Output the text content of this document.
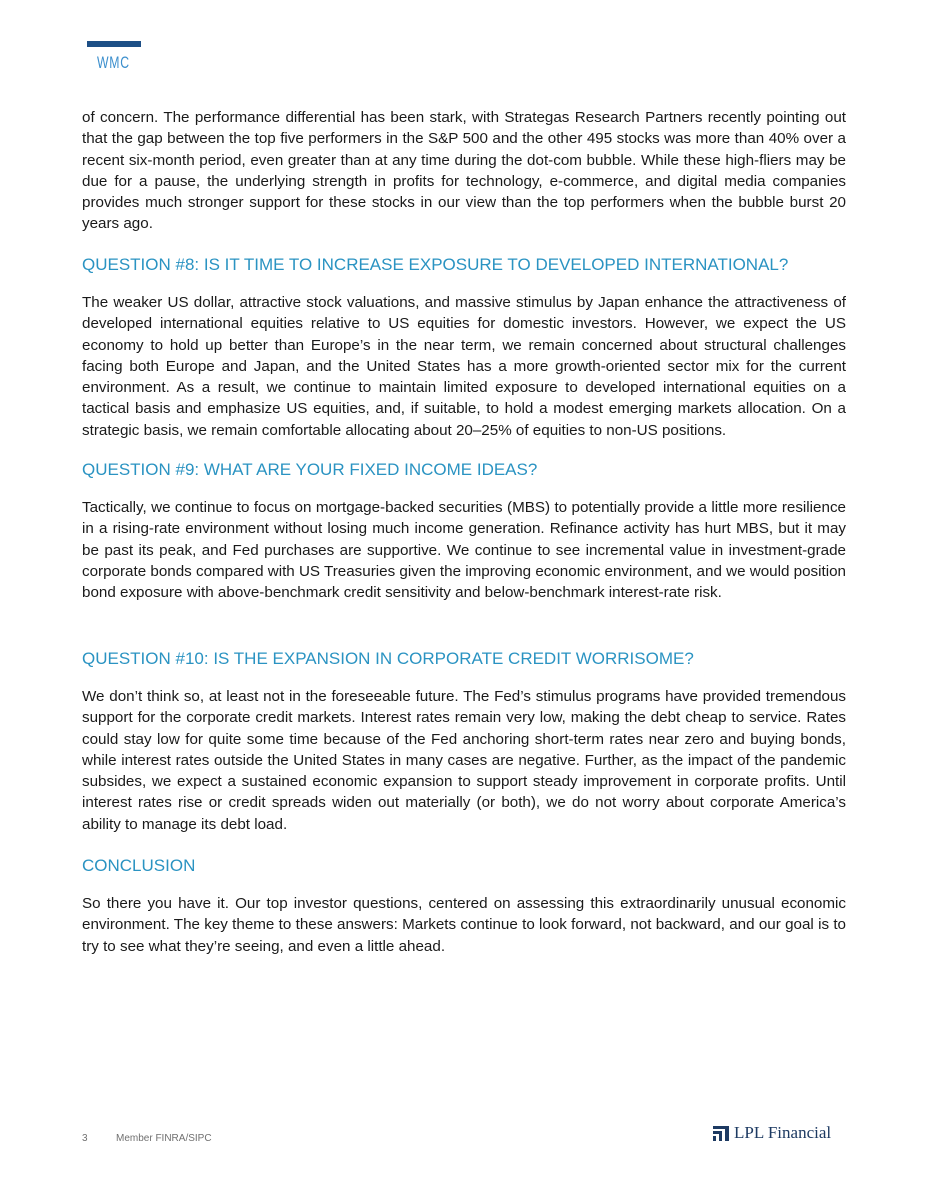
WMC

of concern. The performance differential has been stark, with Strategas Research Partners recently pointing out that the gap between the top five performers in the S&P 500 and the other 495 stocks was more than 40% over a recent six-month period, even greater than at any time during the dot-com bubble. While these high-fliers may be due for a pause, the underlying strength in profits for technology, e-commerce, and digital media companies provides much stronger support for these stocks in our view than the top performers when the bubble burst 20 years ago.

QUESTION #8: IS IT TIME TO INCREASE EXPOSURE TO DEVELOPED INTERNATIONAL?

The weaker US dollar, attractive stock valuations, and massive stimulus by Japan enhance the attractiveness of developed international equities relative to US equities for domestic investors. However, we expect the US economy to hold up better than Europe’s in the near term, we remain concerned about structural challenges facing both Europe and Japan, and the United States has a more growth-oriented sector mix for the current environment. As a result, we continue to maintain limited exposure to developed international equities on a tactical basis and emphasize US equities, and, if suitable, to hold a modest emerging markets allocation. On a strategic basis, we remain comfortable allocating about 20–25% of equities to non-US positions.

QUESTION #9: WHAT ARE YOUR FIXED INCOME IDEAS?

Tactically, we continue to focus on mortgage-backed securities (MBS) to potentially provide a little more resilience in a rising-rate environment without losing much income generation. Refinance activity has hurt MBS, but it may be past its peak, and Fed purchases are supportive. We continue to see incremental value in investment-grade corporate bonds compared with US Treasuries given the improving economic environment, and we would position bond exposure with above-benchmark credit sensitivity and below-benchmark interest-rate risk.

QUESTION #10: IS THE EXPANSION IN CORPORATE CREDIT WORRISOME?

We don’t think so, at least not in the foreseeable future. The Fed’s stimulus programs have provided tremendous support for the corporate credit markets. Interest rates remain very low, making the debt cheap to service. Rates could stay low for quite some time because of the Fed anchoring short-term rates near zero and buying bonds, while interest rates outside the United States in many cases are negative. Further, as the impact of the pandemic subsides, we expect a sustained economic expansion to support steady improvement in corporate profits. Until interest rates rise or credit spreads widen out materially (or both), we do not worry about corporate America’s ability to manage its debt load.

CONCLUSION

So there you have it. Our top investor questions, centered on assessing this extraordinarily unusual economic environment. The key theme to these answers: Markets continue to look forward, not backward, and our goal is to try to see what they’re seeing, and even a little ahead.

3	Member FINRA/SIPC	LPL Financial
